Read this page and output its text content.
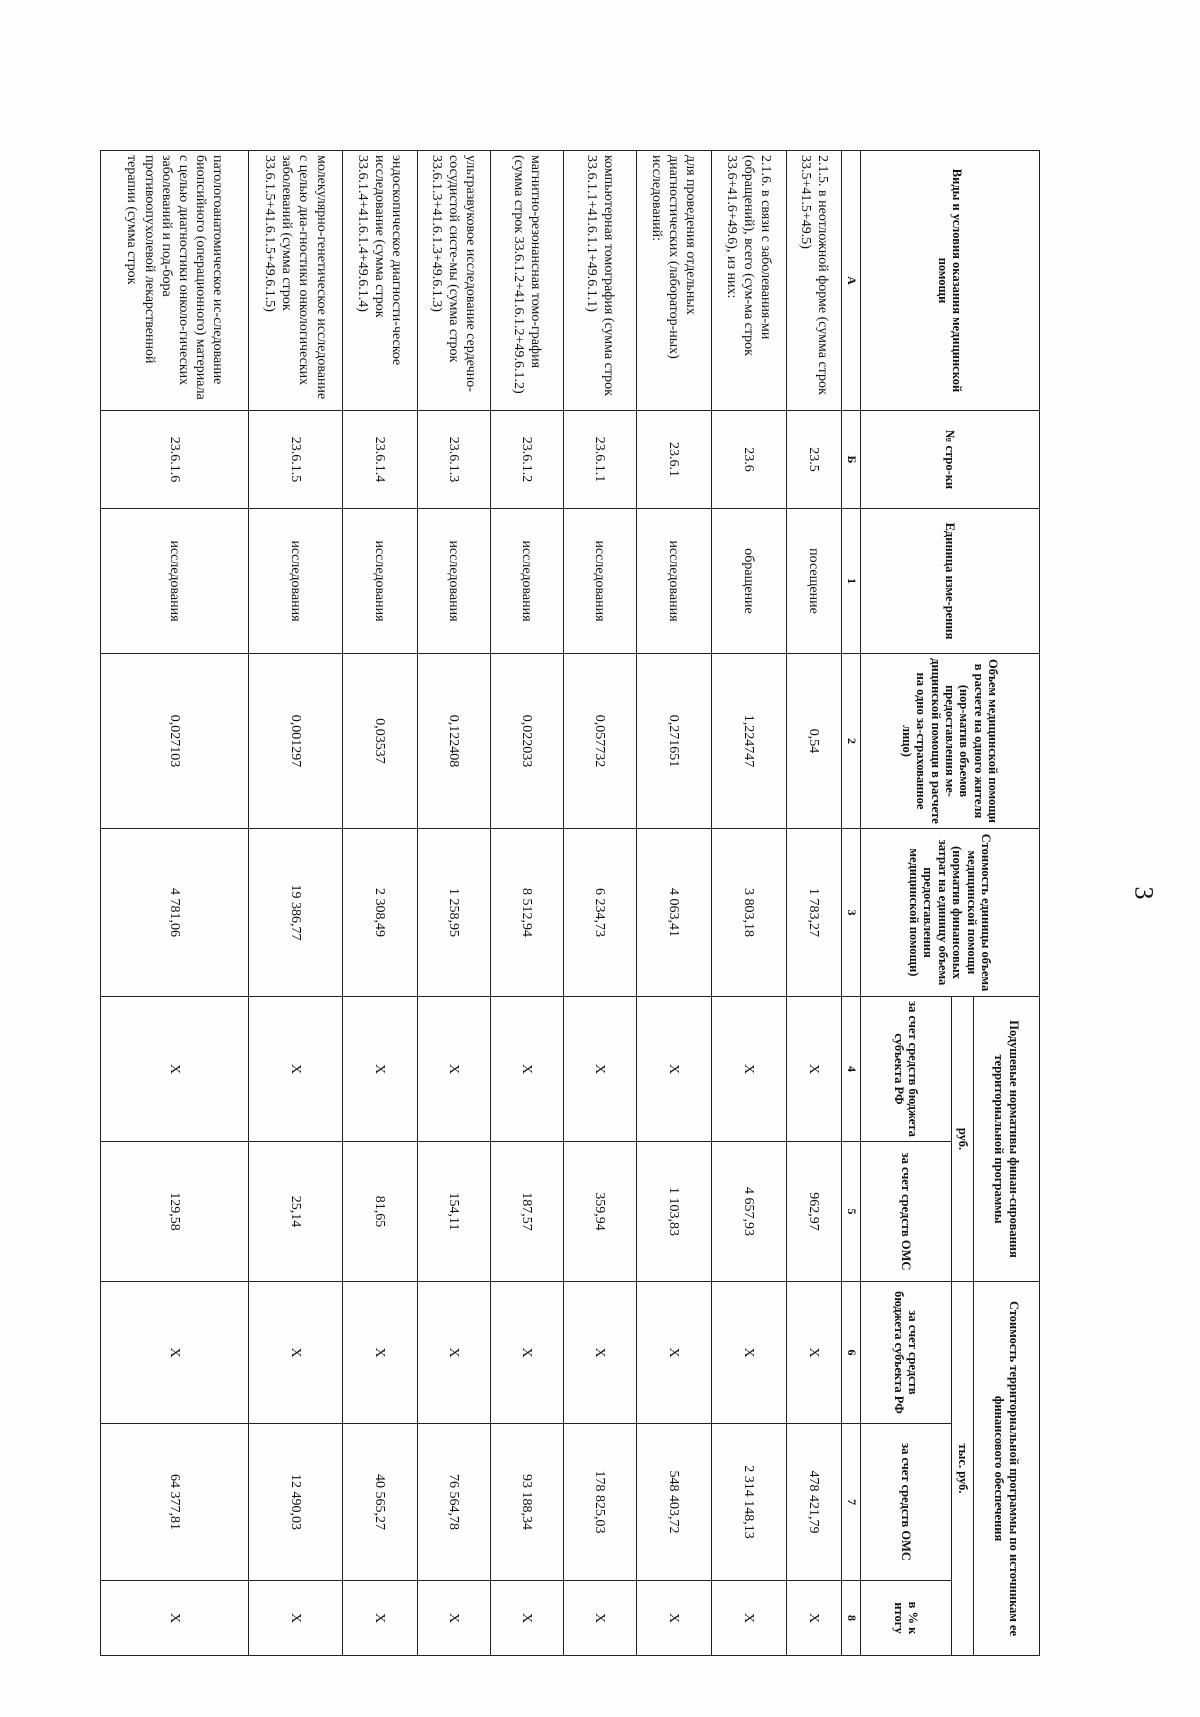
3
Виды и условия оказания медицинской помощи	№ стро-ки	Единица изме-рения	Объем медицинской помощи в расчете на одного жителя (нор-матив объемов предоставления ме-дицинской помощи в расчете на одно за-страхованное лицо)	Стоимость единицы объема медицинской помощи (норматив финансовых затрат на единицу объема предоставления медицинской помощи)	Подушевые нормативы финан-сирования территориальной программы		Стоимость территориальной программы по источникам ее финансового обеспечения		
					руб.		тыс. руб.		
					за счет средств бюджета субъекта РФ	за счет средств ОМС	за счет средств бюджета субъекта РФ	за счет средств ОМС	в % к итогу
А	Б	1	2	3	4	5	6	7	8
2.1.5. в неотложной форме (сумма строк 33.5+41.5+49.5)	23.5	посещение	0,54	1 783,27	Х	962,97	Х	478 421,79	Х
2.1.6. в связи с заболевания-ми (обращений), всего (сум-ма строк 33.6+41.6+49.6), из них:	23.6	обращение	1,224747	3 803,18	Х	4 657,93	Х	2 314 148,13	Х
для проведения отдельных диагностических (лаборатор-ных) исследований:	23.6.1	исследования	0,271651	4 063,41	Х	1 103,83	Х	548 403,72	Х
компьютерная томография (сумма строк 33.6.1.1+41.6.1.1+49.6.1.1)	23.6.1.1	исследования	0,057732	6 234,73	Х	359,94	Х	178 825,03	Х
магнитно-резонансная томо-графия (сумма строк 33.6.1.2+41.6.1.2+49.6.1.2)	23.6.1.2	исследования	0,022033	8 512,94	Х	187,57	Х	93 188,34	Х
ультразвуковое исследование сердечно-сосудистой систе-мы (сумма строк 33.6.1.3+41.6.1.3+49.6.1.3)	23.6.1.3	исследования	0,122408	1 258,95	Х	154,11	Х	76 564,78	Х
эндоскопическое диагности-ческое исследование (сумма строк 33.6.1.4+41.6.1.4+49.6.1.4)	23.6.1.4	исследования	0,03537	2 308,49	Х	81,65	Х	40 565,27	Х
молекулярно-генетическое исследование с целью диа-гностики онкологических заболеваний (сумма строк 33.6.1.5+41.6.1.5+49.6.1.5)	23.6.1.5	исследования	0,001297	19 386,77	Х	25,14	Х	12 490,03	Х
патологоанатомическое ис-следование биопсийного (операционного) материала с целью диагностики онколо-гических заболеваний и под-бора противоопухолевой лекарственной терапии (сумма строк	23.6.1.6	исследования	0,027103	4 781,06	Х	129,58	Х	64 377,81	Х
